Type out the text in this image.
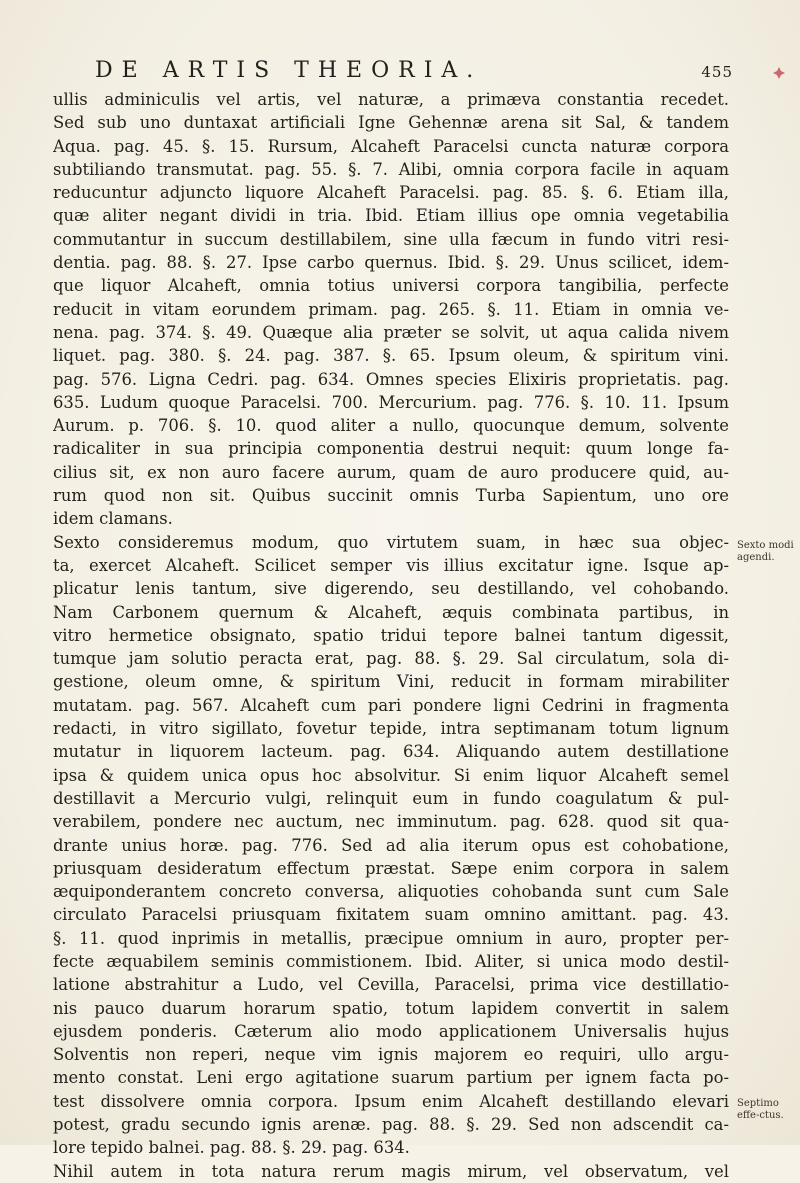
DE ARTIS THEORIA.	455
ullis adminiculis vel artis, vel naturæ, a primæva constantia recedet.
Sed sub uno duntaxat artificiali Igne Gehennæ arena sit Sal, & tandem
Aqua. pag. 45. §. 15. Rursum, Alcaheft Paracelsi cuncta naturæ corpora
subtiliando transmutat. pag. 55. §. 7. Alibi, omnia corpora facile in aquam
reducuntur adjuncto liquore Alcaheft Paracelsi. pag. 85. §. 6. Etiam illa,
quæ aliter negant dividi in tria. Ibid. Etiam illius ope omnia vegetabilia
commutantur in succum destillabilem, sine ulla fæcum in fundo vitri resi-
dentia. pag. 88. §. 27. Ipse carbo quernus. Ibid. §. 29. Unus scilicet, idem-
que liquor Alcaheft, omnia totius universi corpora tangibilia, perfecte
reducit in vitam eorundem primam. pag. 265. §. 11. Etiam in omnia ve-
nena. pag. 374. §. 49. Quæque alia præter se solvit, ut aqua calida nivem
liquet. pag. 380. §. 24. pag. 387. §. 65. Ipsum oleum, & spiritum vini.
pag. 576. Ligna Cedri. pag. 634. Omnes species Elixiris proprietatis. pag.
635. Ludum quoque Paracelsi. 700. Mercurium. pag. 776. §. 10. 11. Ipsum
Aurum. p. 706. §. 10. quod aliter a nullo, quocunque demum, solvente
radicaliter in sua principia componentia destrui nequit: quum longe fa-
cilius sit, ex non auro facere aurum, quam de auro producere quid, au-
rum quod non sit. Quibus succinit omnis Turba Sapientum, uno ore
idem clamans.
Sexto consideremus modum, quo virtutem suam, in hæc sua objec-
ta, exercet Alcaheft. Scilicet semper vis illius excitatur igne. Isque ap-
plicatur lenis tantum, sive digerendo, seu destillando, vel cohobando.
Nam Carbonem quernum & Alcaheft, æquis combinata partibus, in
vitro hermetice obsignato, spatio tridui tepore balnei tantum digessit,
tumque jam solutio peracta erat, pag. 88. §. 29. Sal circulatum, sola di-
gestione, oleum omne, & spiritum Vini, reducit in formam mirabiliter
mutatam. pag. 567. Alcaheft cum pari pondere ligni Cedrini in fragmenta
redacti, in vitro sigillato, fovetur tepide, intra septimanam totum lignum
mutatur in liquorem lacteum. pag. 634. Aliquando autem destillatione
ipsa & quidem unica opus hoc absolvitur. Si enim liquor Alcaheft semel
destillavit a Mercurio vulgi, relinquit eum in fundo coagulatum & pul-
verabilem, pondere nec auctum, nec imminutum. pag. 628. quod sit qua-
drante unius horæ. pag. 776. Sed ad alia iterum opus est cohobatione,
priusquam desideratum effectum præstat. Sæpe enim corpora in salem
æquiponderantem concreto conversa, aliquoties cohobanda sunt cum Sale
circulato Paracelsi priusquam fixitatem suam omnino amittant. pag. 43.
§. 11. quod inprimis in metallis, præcipue omnium in auro, propter per-
fecte æquabilem seminis commistionem. Ibid. Aliter, si unica modo destil-
latione abstrahitur a Ludo, vel Cevilla, Paracelsi, prima vice destillatio-
nis pauco duarum horarum spatio, totum lapidem convertit in salem
ejusdem ponderis. Cæterum alio modo applicationem Universalis hujus
Solventis non reperi, neque vim ignis majorem eo requiri, ullo argu-
mento constat. Leni ergo agitatione suarum partium per ignem facta po-
test dissolvere omnia corpora. Ipsum enim Alcaheft destillando elevari
potest, gradu secundo ignis arenæ. pag. 88. §. 29. Sed non adscendit ca-
lore tepido balnei. pag. 88. §. 29. pag. 634.
Nihil autem in tota natura rerum magis mirum, vel observatum, vel
Sexto modi agendi.
Septimo effe-ctus.
